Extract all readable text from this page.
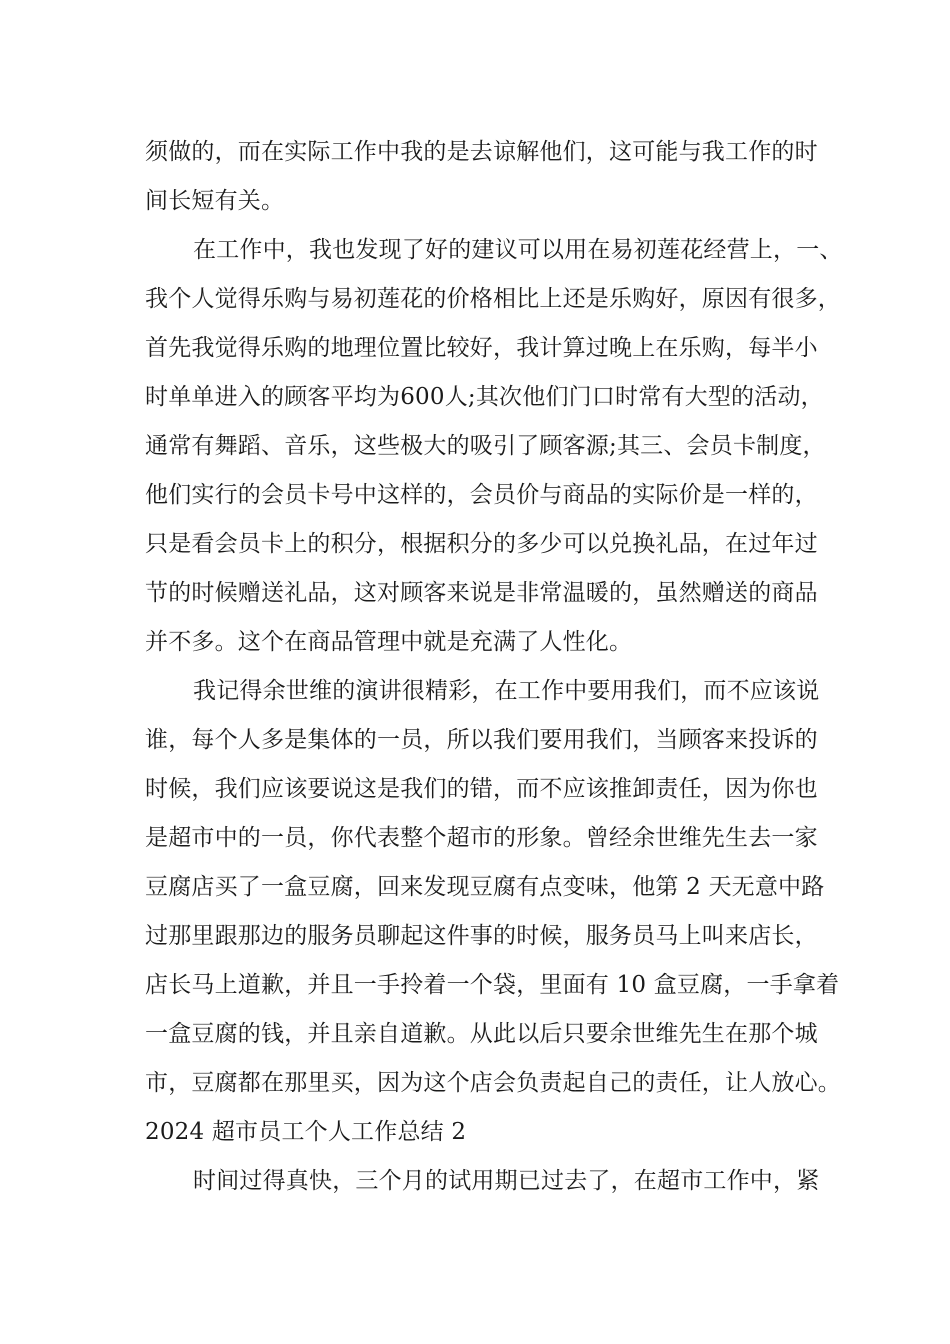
须做的，而在实际工作中我的是去谅解他们，这可能与我工作的时
间长短有关。
在工作中，我也发现了好的建议可以用在易初莲花经营上，一、
我个人觉得乐购与易初莲花的价格相比上还是乐购好，原因有很多，
首先我觉得乐购的地理位置比较好，我计算过晚上在乐购，每半小
时单单进入的顾客平均为600人;其次他们门口时常有大型的活动，
通常有舞蹈、音乐，这些极大的吸引了顾客源;其三、会员卡制度，
他们实行的会员卡号中这样的，会员价与商品的实际价是一样的，
只是看会员卡上的积分，根据积分的多少可以兑换礼品，在过年过
节的时候赠送礼品，这对顾客来说是非常温暖的，虽然赠送的商品
并不多。这个在商品管理中就是充满了人性化。
我记得余世维的演讲很精彩，在工作中要用我们，而不应该说
谁，每个人多是集体的一员，所以我们要用我们，当顾客来投诉的
时候，我们应该要说这是我们的错，而不应该推卸责任，因为你也
是超市中的一员，你代表整个超市的形象。曾经余世维先生去一家
豆腐店买了一盒豆腐，回来发现豆腐有点变味，他第 2 天无意中路
过那里跟那边的服务员聊起这件事的时候，服务员马上叫来店长，
店长马上道歉，并且一手拎着一个袋，里面有 10 盒豆腐，一手拿着
一盒豆腐的钱，并且亲自道歉。从此以后只要余世维先生在那个城
市，豆腐都在那里买，因为这个店会负责起自己的责任，让人放心。
2024 超市员工个人工作总结 2
时间过得真快，三个月的试用期已过去了，在超市工作中，紧
